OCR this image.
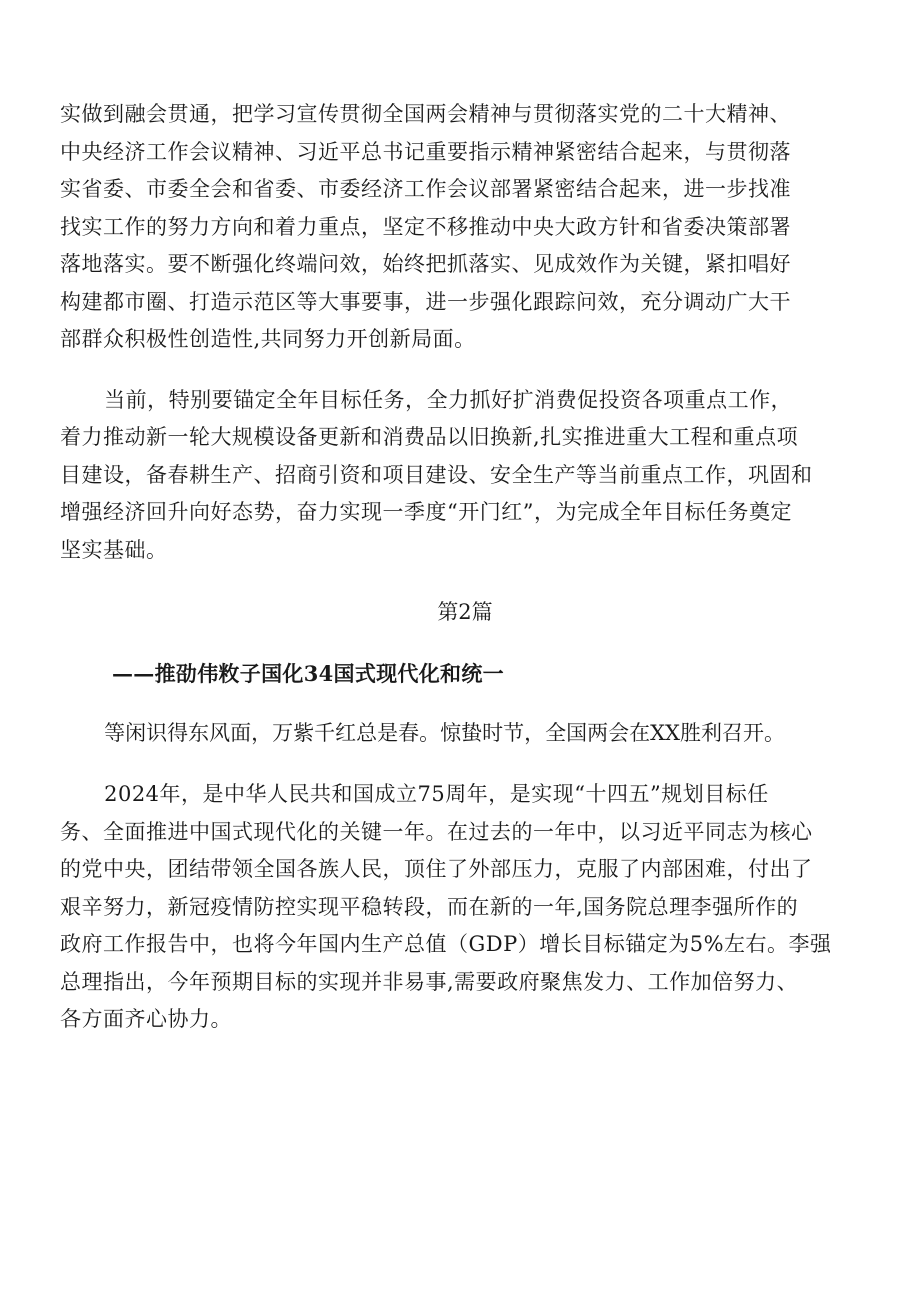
实做到融会贯通，把学习宣传贯彻全国两会精神与贯彻落实党的二十大精神、
中央经济工作会议精神、习近平总书记重要指示精神紧密结合起来，与贯彻落
实省委、市委全会和省委、市委经济工作会议部署紧密结合起来，进一步找准
找实工作的努力方向和着力重点，坚定不移推动中央大政方针和省委决策部署
落地落实。要不断强化终端问效，始终把抓落实、见成效作为关键，紧扣唱好
构建都市圈、打造示范区等大事要事，进一步强化跟踪问效，充分调动广大干
部群众积极性创造性,共同努力开创新局面。

当前，特别要锚定全年目标任务，全力抓好扩消费促投资各项重点工作，
着力推动新一轮大规模设备更新和消费品以旧换新,扎实推进重大工程和重点项
目建设，备春耕生产、招商引资和项目建设、安全生产等当前重点工作，巩固和
增强经济回升向好态势，奋力实现一季度“开门红”，为完成全年目标任务奠定
坚实基础。

第2篇
——推劭伟敉子国化34国式现代化和统一
等闲识得东风面，万紫千红总是春。惊蛰时节，全国两会在XX胜利召开。

2024年，是中华人民共和国成立75周年，是实现“十四五”规划目标任
务、全面推进中国式现代化的关键一年。在过去的一年中，以习近平同志为核心
的党中央，团结带领全国各族人民，顶住了外部压力，克服了内部困难，付出了
艰辛努力，新冠疫情防控实现平稳转段，而在新的一年,国务院总理李强所作的
政府工作报告中，也将今年国内生产总值（GDP）增长目标锚定为5%左右。李强
总理指出，今年预期目标的实现并非易事,需要政府聚焦发力、工作加倍努力、
各方面齐心协力。
